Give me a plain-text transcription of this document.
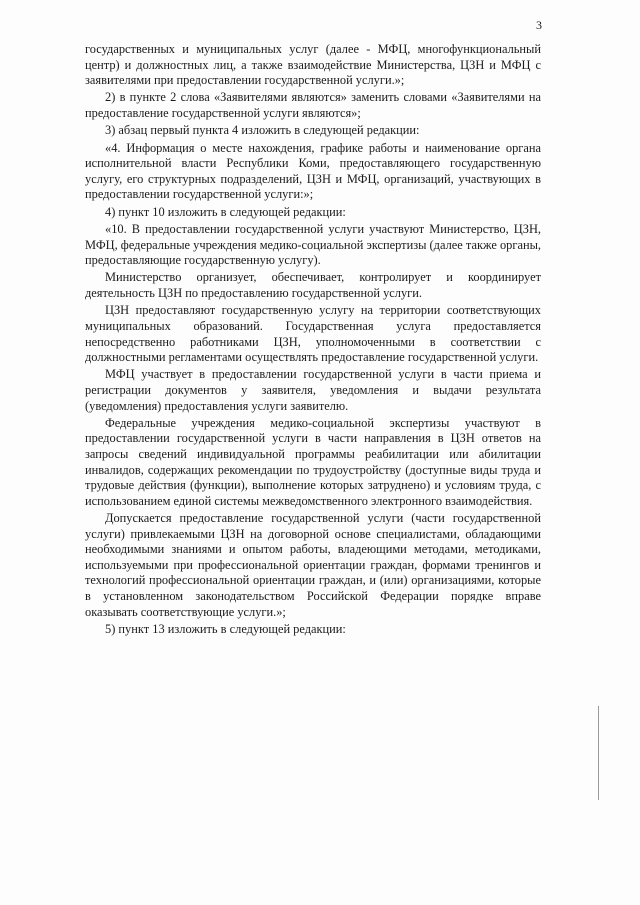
3

государственных и муниципальных услуг (далее - МФЦ, многофункциональный центр) и должностных лиц, а также взаимодействие Министерства, ЦЗН и МФЦ с заявителями при предоставлении государственной услуги.»;

2) в пункте 2 слова «Заявителями являются» заменить словами «Заявителями на предоставление государственной услуги являются»;

3) абзац первый пункта 4 изложить в следующей редакции:

«4. Информация о месте нахождения, графике работы и наименование органа исполнительной власти Республики Коми, предоставляющего государственную услугу, его структурных подразделений, ЦЗН и МФЦ, организаций, участвующих в предоставлении государственной услуги:»;

4) пункт 10 изложить в следующей редакции:

«10. В предоставлении государственной услуги участвуют Министерство, ЦЗН, МФЦ, федеральные учреждения медико-социальной экспертизы (далее также органы, предоставляющие государственную услугу).

Министерство организует, обеспечивает, контролирует и координирует деятельность ЦЗН по предоставлению государственной услуги.

ЦЗН предоставляют государственную услугу на территории соответствующих муниципальных образований. Государственная услуга предоставляется непосредственно работниками ЦЗН, уполномоченными в соответствии с должностными регламентами осуществлять предоставление государственной услуги.

МФЦ участвует в предоставлении государственной услуги в части приема и регистрации документов у заявителя, уведомления и выдачи результата (уведомления) предоставления услуги заявителю.

Федеральные учреждения медико-социальной экспертизы участвуют в предоставлении государственной услуги в части направления в ЦЗН ответов на запросы сведений индивидуальной программы реабилитации или абилитации инвалидов, содержащих рекомендации по трудоустройству (доступные виды труда и трудовые действия (функции), выполнение которых затруднено) и условиям труда, с использованием единой системы межведомственного электронного взаимодействия.

Допускается предоставление государственной услуги (части государственной услуги) привлекаемыми ЦЗН на договорной основе специалистами, обладающими необходимыми знаниями и опытом работы, владеющими методами, методиками, используемыми при профессиональной ориентации граждан, формами тренингов и технологий профессиональной ориентации граждан, и (или) организациями, которые в установленном законодательством Российской Федерации порядке вправе оказывать соответствующие услуги.»;

5) пункт 13 изложить в следующей редакции:
